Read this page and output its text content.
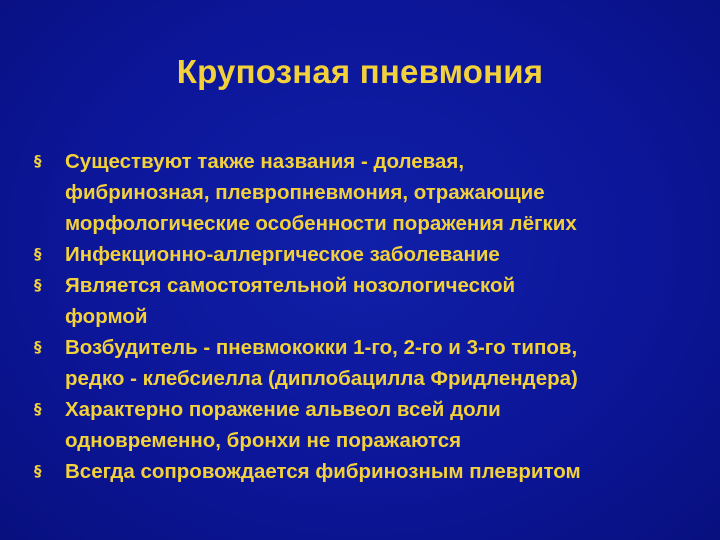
Крупозная пневмония
§	Существуют также названия - долевая,
фибринозная, плевропневмония, отражающие
морфологические особенности поражения лёгких
§	Инфекционно-аллергическое заболевание
§	Является самостоятельной нозологической
формой
§	Возбудитель - пневмококки 1-го, 2-го и 3-го типов,
редко - клебсиелла (диплобацилла Фридлендера)
§	Характерно поражение альвеол всей доли
одновременно, бронхи не поражаются
§	Всегда сопровождается фибринозным плевритом
